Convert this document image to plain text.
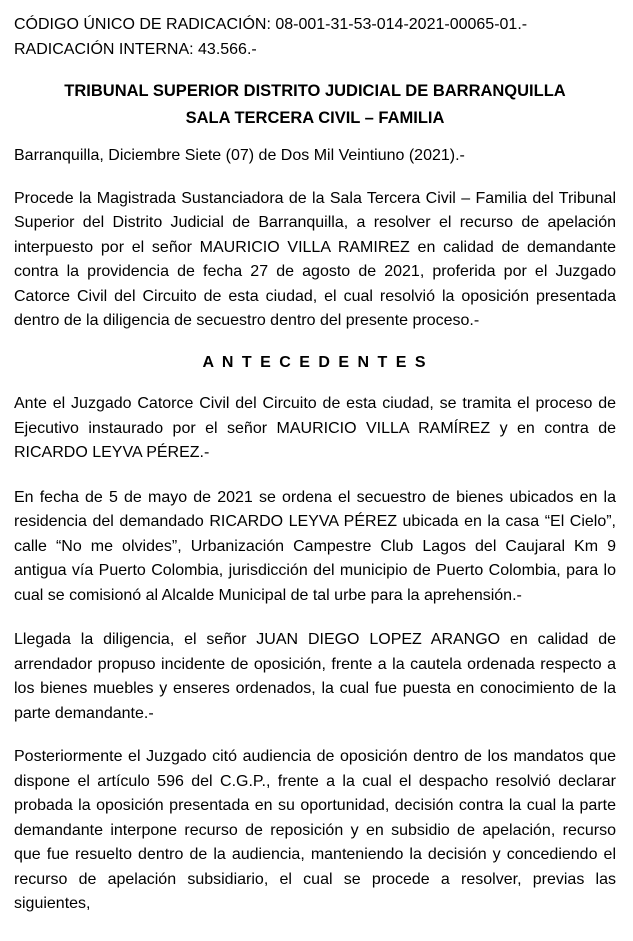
CÓDIGO ÚNICO DE RADICACIÓN: 08-001-31-53-014-2021-00065-01.-
RADICACIÓN INTERNA: 43.566.-
TRIBUNAL SUPERIOR DISTRITO JUDICIAL DE BARRANQUILLA
SALA TERCERA CIVIL – FAMILIA
Barranquilla, Diciembre Siete (07) de Dos Mil Veintiuno (2021).-

Procede la Magistrada Sustanciadora de la Sala Tercera Civil – Familia del Tribunal Superior del Distrito Judicial de Barranquilla, a resolver el recurso de apelación interpuesto por el señor MAURICIO VILLA RAMIREZ en calidad de demandante contra la providencia de fecha 27 de agosto de 2021, proferida por el Juzgado Catorce Civil del Circuito de esta ciudad, el cual resolvió la oposición presentada dentro de la diligencia de secuestro dentro del presente proceso.-

A N T E C E D E N T E S

Ante el Juzgado Catorce Civil del Circuito de esta ciudad, se tramita el proceso de Ejecutivo instaurado por el señor MAURICIO VILLA RAMÍREZ y en contra de RICARDO LEYVA PÉREZ.-

En fecha de 5 de mayo de 2021 se ordena el secuestro de bienes ubicados en la residencia del demandado RICARDO LEYVA PÉREZ ubicada en la casa “El Cielo”, calle “No me olvides”, Urbanización Campestre Club Lagos del Caujaral Km 9 antigua vía Puerto Colombia, jurisdicción del municipio de Puerto Colombia, para lo cual se comisionó al Alcalde Municipal de tal urbe para la aprehensión.-

Llegada la diligencia, el señor JUAN DIEGO LOPEZ ARANGO en calidad de arrendador propuso incidente de oposición, frente a la cautela ordenada respecto a los bienes muebles y enseres ordenados, la cual fue puesta en conocimiento de la parte demandante.-

Posteriormente el Juzgado citó audiencia de oposición dentro de los mandatos que dispone el artículo 596 del C.G.P., frente a la cual el despacho resolvió declarar probada la oposición presentada en su oportunidad, decisión contra la cual la parte demandante interpone recurso de reposición y en subsidio de apelación, recurso que fue resuelto dentro de la audiencia, manteniendo la decisión y concediendo el recurso de apelación subsidiario, el cual se procede a resolver, previas las siguientes,
